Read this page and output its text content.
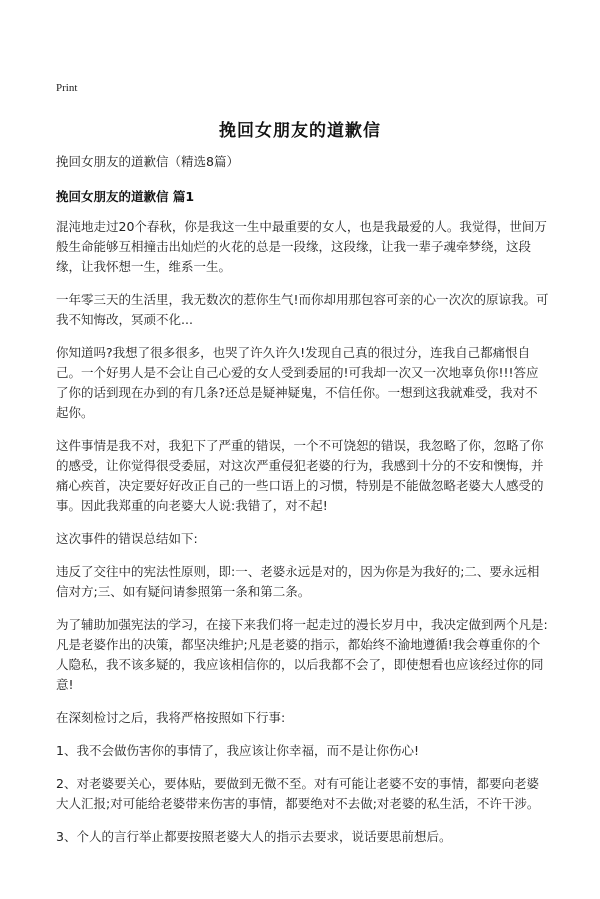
Print
挽回女朋友的道歉信
挽回女朋友的道歉信（精选8篇）
挽回女朋友的道歉信 篇1

混沌地走过20个春秋，你是我这一生中最重要的女人，也是我最爱的人。我觉得，世间万般生命能够互相撞击出灿烂的火花的总是一段缘，这段缘，让我一辈子魂牵梦绕，这段缘，让我怀想一生，维系一生。

一年零三天的生活里，我无数次的惹你生气!而你却用那包容可亲的心一次次的原谅我。可我不知悔改，冥顽不化...

你知道吗?我想了很多很多，也哭了许久许久!发现自己真的很过分，连我自己都痛恨自己。一个好男人是不会让自己心爱的女人受到委屈的!可我却一次又一次地辜负你!!!答应了你的话到现在办到的有几条?还总是疑神疑鬼，不信任你。一想到这我就难受，我对不起你。

这件事情是我不对，我犯下了严重的错误，一个不可饶恕的错误，我忽略了你，忽略了你的感受，让你觉得很受委屈，对这次严重侵犯老婆的行为，我感到十分的不安和懊悔，并痛心疾首，决定要好好改正自己的一些口语上的习惯，特别是不能做忽略老婆大人感受的事。因此我郑重的向老婆大人说:我错了，对不起!

这次事件的错误总结如下:

违反了交往中的宪法性原则，即:一、老婆永远是对的，因为你是为我好的;二、要永远相信对方;三、如有疑问请参照第一条和第二条。

为了辅助加强宪法的学习，在接下来我们将一起走过的漫长岁月中，我决定做到两个凡是:凡是老婆作出的决策，都坚决维护;凡是老婆的指示，都始终不渝地遵循!我会尊重你的个人隐私，我不该多疑的，我应该相信你的，以后我都不会了，即使想看也应该经过你的同意!

在深刻检讨之后，我将严格按照如下行事:

1、我不会做伤害你的事情了，我应该让你幸福，而不是让你伤心!

2、对老婆要关心，要体贴，要做到无微不至。对有可能让老婆不安的事情，都要向老婆大人汇报;对可能给老婆带来伤害的事情，都要绝对不去做;对老婆的私生活，不许干涉。

3、个人的言行举止都要按照老婆大人的指示去要求，说话要思前想后。
